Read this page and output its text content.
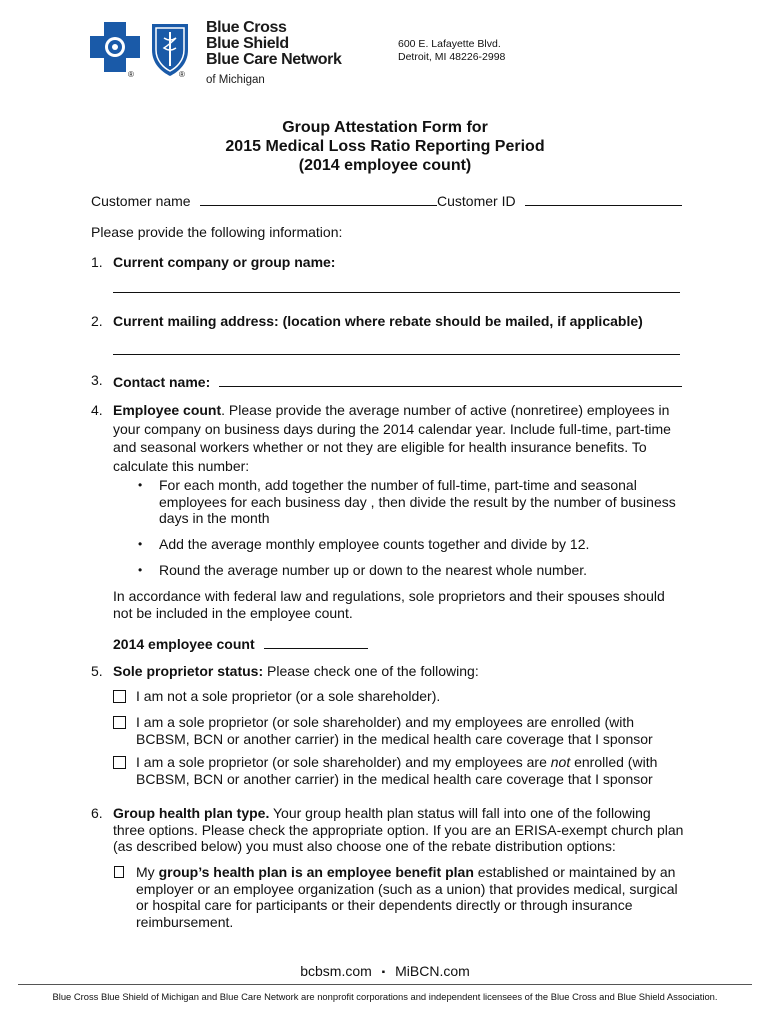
®	®
Blue Cross
Blue Shield
Blue Care Network
of Michigan
600 E. Lafayette Blvd.
Detroit, MI 48226-2998
Group Attestation Form for
2015 Medical Loss Ratio Reporting Period
(2014 employee count)
Customer name	Customer ID
Please provide the following information:
1. Current company or group name:
2. Current mailing address: (location where rebate should be mailed, if applicable)
3. Contact name:
4. Employee count. Please provide the average number of active (nonretiree) employees in
your company on business days during the 2014 calendar year. Include full-time, part-time
and seasonal workers whether or not they are eligible for health insurance benefits. To
calculate this number:
• For each month, add together the number of full-time, part-time and seasonal
employees for each business day , then divide the result by the number of business
days in the month
• Add the average monthly employee counts together and divide by 12.
• Round the average number up or down to the nearest whole number.
In accordance with federal law and regulations, sole proprietors and their spouses should
not be included in the employee count.
2014 employee count
5. Sole proprietor status: Please check one of the following:
I am not a sole proprietor (or a sole shareholder).
I am a sole proprietor (or sole shareholder) and my employees are enrolled (with
BCBSM, BCN or another carrier) in the medical health care coverage that I sponsor
I am a sole proprietor (or sole shareholder) and my employees are not enrolled (with
BCBSM, BCN or another carrier) in the medical health care coverage that I sponsor
6. Group health plan type. Your group health plan status will fall into one of the following
three options. Please check the appropriate option. If you are an ERISA-exempt church plan
(as described below) you must also choose one of the rebate distribution options:
My group’s health plan is an employee benefit plan established or maintained by an
employer or an employee organization (such as a union) that provides medical, surgical
or hospital care for participants or their dependents directly or through insurance
reimbursement.
bcbsm.com ▪ MiBCN.com
Blue Cross Blue Shield of Michigan and Blue Care Network are nonprofit corporations and independent licensees of the Blue Cross and Blue Shield Association.
